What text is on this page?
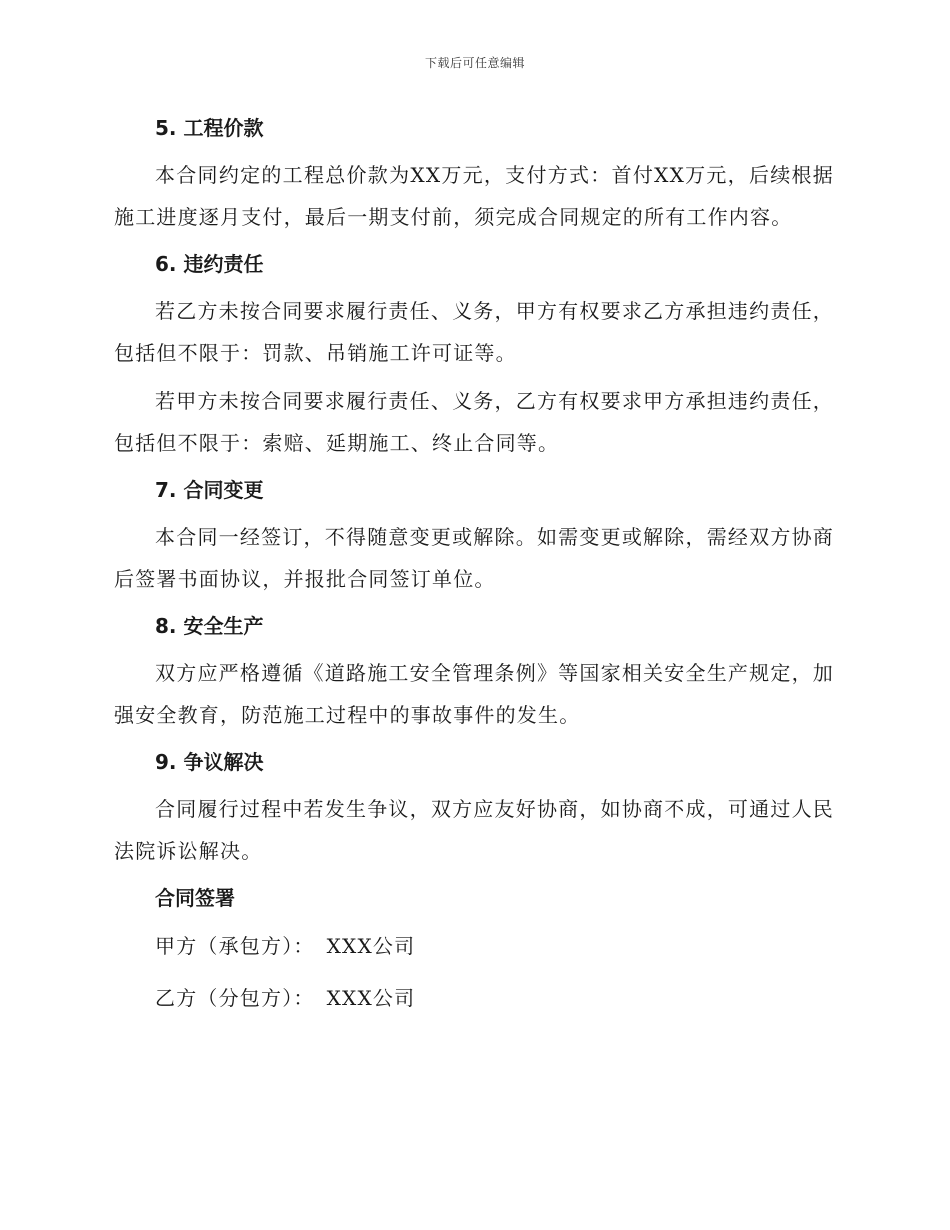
下载后可任意编辑
5. 工程价款
本合同约定的工程总价款为XX万元，支付方式：首付XX万元，后续根据施工进度逐月支付，最后一期支付前，须完成合同规定的所有工作内容。
6. 违约责任
若乙方未按合同要求履行责任、义务，甲方有权要求乙方承担违约责任，包括但不限于：罚款、吊销施工许可证等。
若甲方未按合同要求履行责任、义务，乙方有权要求甲方承担违约责任，包括但不限于：索赔、延期施工、终止合同等。
7. 合同变更
本合同一经签订，不得随意变更或解除。如需变更或解除，需经双方协商后签署书面协议，并报批合同签订单位。
8. 安全生产
双方应严格遵循《道路施工安全管理条例》等国家相关安全生产规定，加强安全教育，防范施工过程中的事故事件的发生。
9. 争议解决
合同履行过程中若发生争议，双方应友好协商，如协商不成，可通过人民法院诉讼解决。
合同签署
甲方（承包方）： XXX公司
乙方（分包方）： XXX公司
